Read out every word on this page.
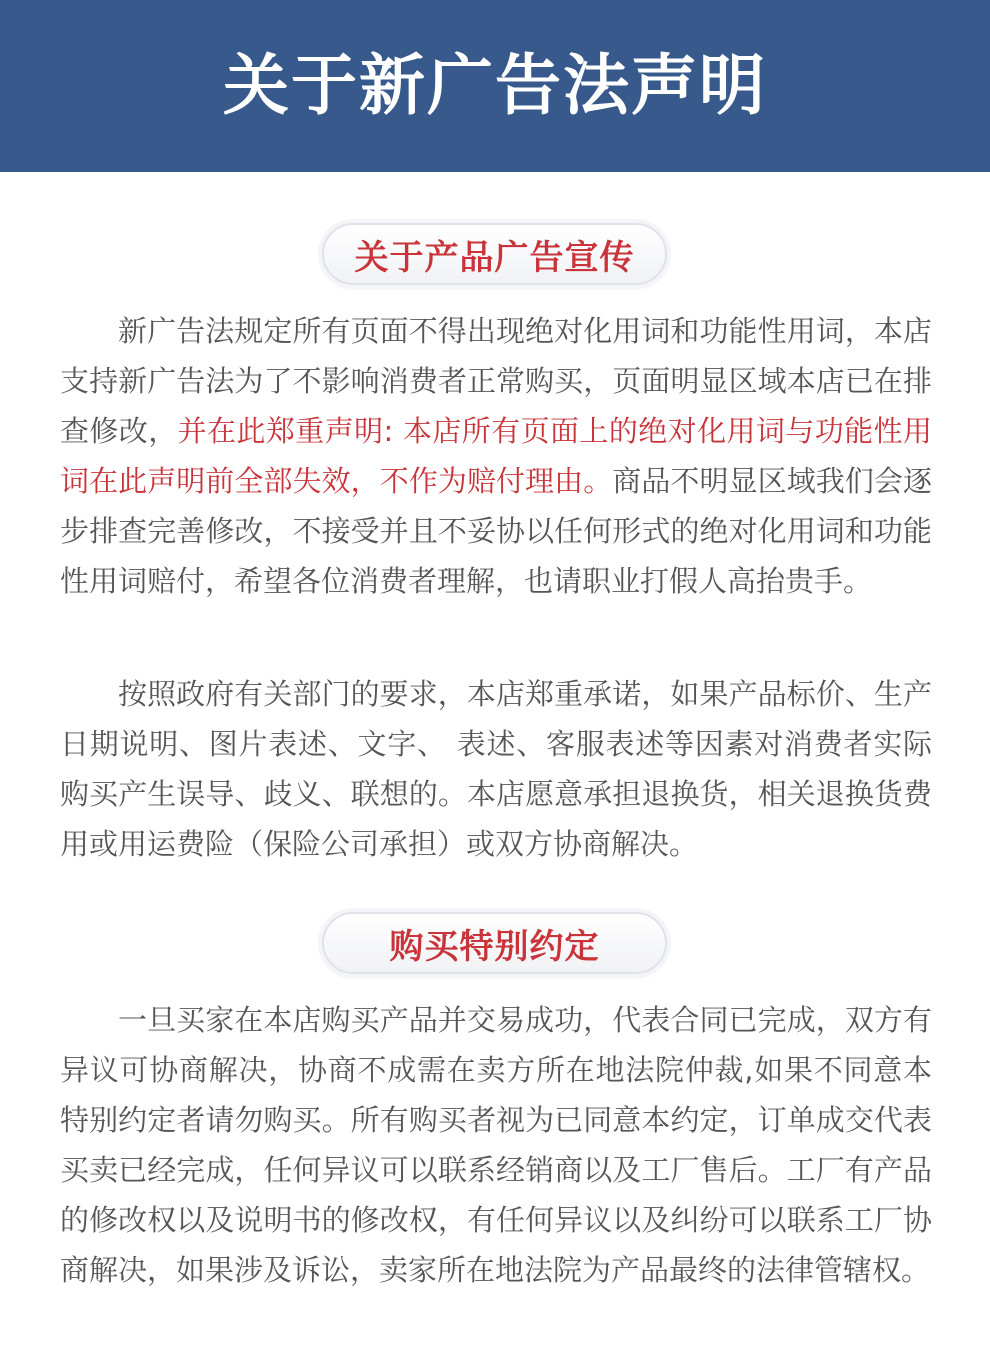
关于新广告法声明
关于产品广告宣传

新广告法规定所有页面不得出现绝对化用词和功能性用词，本店支持新广告法为了不影响消费者正常购买，页面明显区域本店已在排查修改，并在此郑重声明: 本店所有页面上的绝对化用词与功能性用词在此声明前全部失效，不作为赔付理由。商品不明显区域我们会逐步排查完善修改，不接受并且不妥协以任何形式的绝对化用词和功能性用词赔付，希望各位消费者理解，也请职业打假人高抬贵手。

按照政府有关部门的要求，本店郑重承诺，如果产品标价、生产日期说明、图片表述、文字、 表述、客服表述等因素对消费者实际购买产生误导、歧义、联想的。本店愿意承担退换货，相关退换货费用或用运费险（保险公司承担）或双方协商解决。

购买特别约定

一旦买家在本店购买产品并交易成功，代表合同已完成，双方有异议可协商解决，协商不成需在卖方所在地法院仲裁,如果不同意本特别约定者请勿购买。所有购买者视为已同意本约定，订单成交代表买卖已经完成，任何异议可以联系经销商以及工厂售后。工厂有产品的修改权以及说明书的修改权，有任何异议以及纠纷可以联系工厂协商解决，如果涉及诉讼，卖家所在地法院为产品最终的法律管辖权。
